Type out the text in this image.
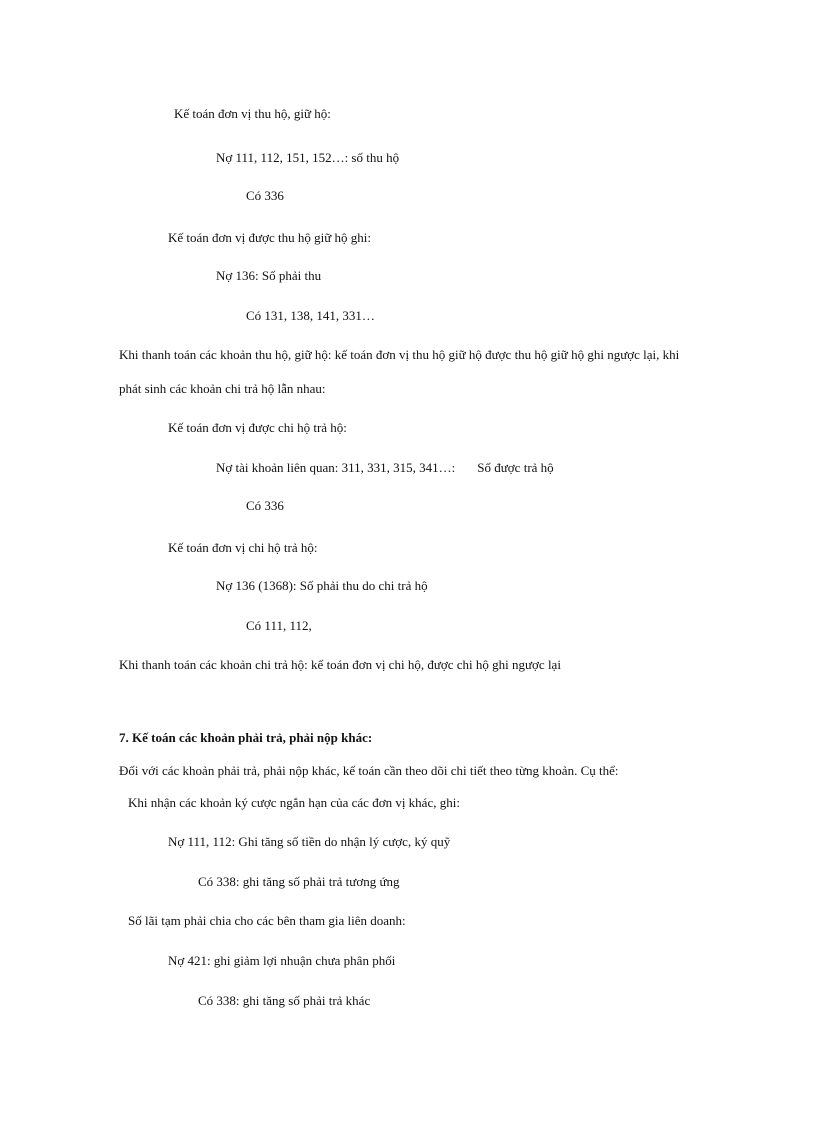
Kế toán đơn vị thu hộ, giữ hộ:
Nợ 111, 112, 151, 152…: số thu hộ
Có 336
Kế toán đơn vị được thu hộ giữ hộ ghi:
Nợ 136: Số phải thu
Có 131, 138, 141, 331…
Khi thanh toán các khoản thu hộ, giữ hộ: kế toán đơn vị thu hộ giữ hộ được thu hộ giữ hộ ghi ngược lại, khi
phát sinh các khoản chi trả hộ lẫn nhau:
Kế toán đơn vị được chi hộ trả hộ:
Nợ tài khoản liên quan: 311, 331, 315, 341…: Số được trả hộ
Có 336
Kế toán đơn vị chi hộ trả hộ:
Nợ 136 (1368): Số phải thu do chi trả hộ
Có 111, 112,
Khi thanh toán các khoản chi trả hộ: kế toán đơn vị chi hộ, được chi hộ ghi ngược lại
7. Kế toán các khoản phải trả, phải nộp khác:
Đối với các khoản phải trả, phải nộp khác, kế toán cần theo dõi chi tiết theo từng khoản. Cụ thể:
Khi nhận các khoản ký cược ngắn hạn của các đơn vị khác, ghi:
Nợ 111, 112: Ghi tăng số tiền do nhận lý cược, ký quỹ
Có 338: ghi tăng số phải trả tương ứng
Số lãi tạm phải chia cho các bên tham gia liên doanh:
Nợ 421: ghi giảm lợi nhuận chưa phân phối
Có 338: ghi tăng số phải trả khác
